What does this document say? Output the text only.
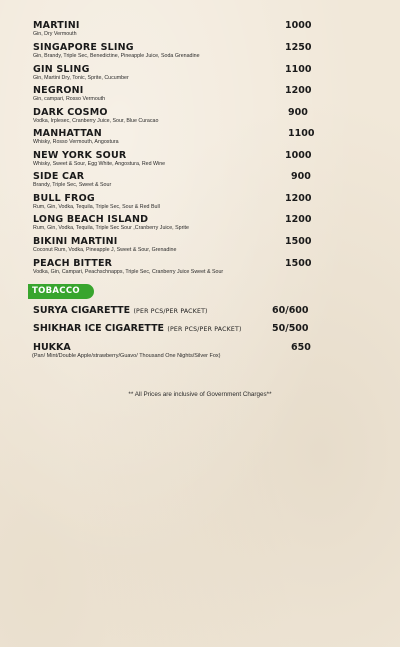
MARTINI
Gin, Dry Vermouth
1000
SINGAPORE SLING
Gin, Brandy, Triple Sec, Benedictine, Pineapple Juice, Soda Grenadine
1250
GIN SLING
Gin, Martini Dry, Tonic, Sprite, Cucumber
1100
NEGRONI
Gin, campari, Rosso Vermouth
1200
DARK COSMO
Vodka, Irplesec, Cranberry Juice, Sour, Blue Curacao
900
MANHATTAN
Whisky, Rosso Vermouth, Angostura
1100
NEW YORK SOUR
Whisky, Sweet & Sour, Egg White, Angostura, Red Wine
1000
SIDE CAR
Brandy, Triple Sec, Sweet & Sour
900
BULL FROG
Rum, Gin, Vodka, Tequila, Triple Sec, Sour & Red Bull
1200
LONG BEACH ISLAND
Rum, Gin, Vodka, Tequila, Triple Sec Sour ,Cranberry Juice, Sprite
1200
BIKINI MARTINI
Coconut Rum, Vodka, Pineapple J, Sweet & Sour, Grenadine
1500
PEACH BITTER
Vodka, Gin, Campari, Peachschnapps, Triple Sec, Cranberry Juice Sweet & Sour
1500
TOBACCO
SURYA CIGARETTE (PER PCS/PER PACKET)	60/600
SHIKHAR ICE CIGARETTE (PER PCS/PER PACKET)	50/500
HUKKA
(Pan/ Mint/Double Apple/strawberry/Guavo/ Thousand One Nights/Silver Fox)
650
** All Prices are inclusive of Government Charges**
